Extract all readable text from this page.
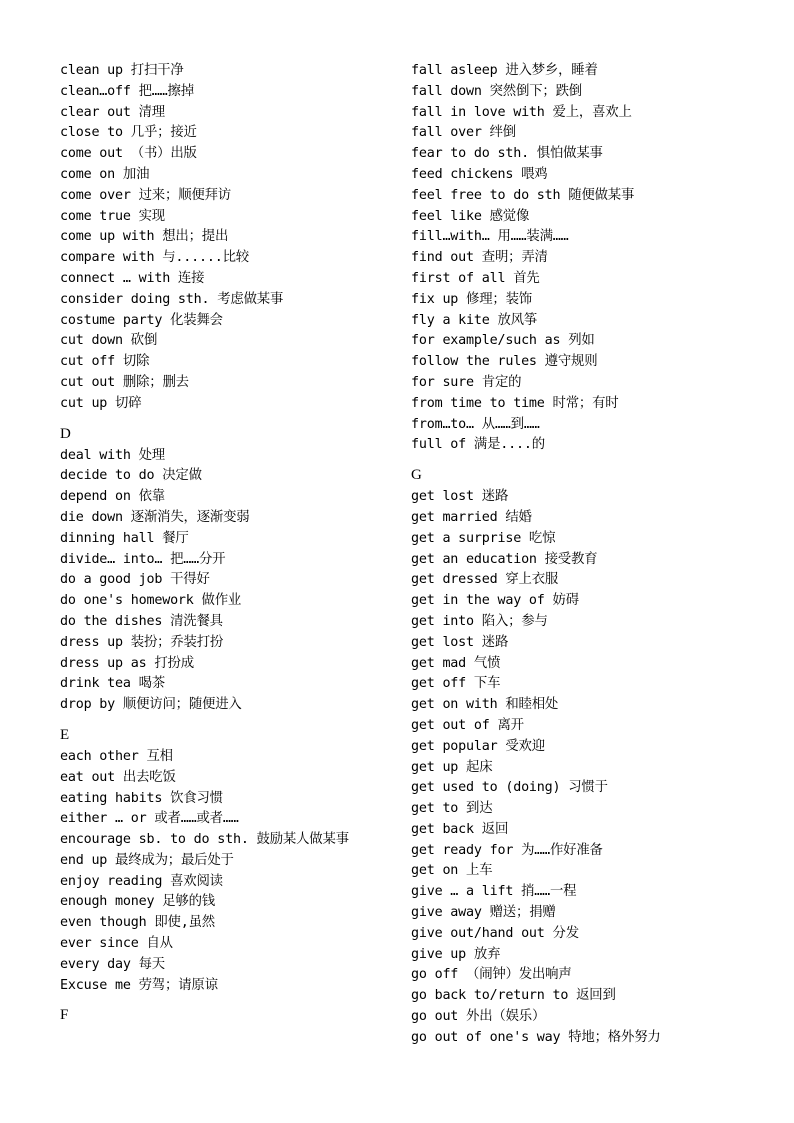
clean up 打扫干净
clean…off 把……擦掉
clear out 清理
close to 几乎；接近
come out （书）出版
come on 加油
come over 过来；顺便拜访
come true 实现
come up with 想出；提出
compare with 与......比较
connect … with 连接
consider doing sth. 考虑做某事
costume party 化装舞会
cut down 砍倒
cut off 切除
cut out 删除；删去
cut up 切碎
D
deal with 处理
decide to do 决定做
depend on 依靠
die down 逐渐消失，逐渐变弱
dinning hall 餐厅
divide… into… 把……分开
do a good job 干得好
do one's homework 做作业
do the dishes 清洗餐具
dress up 装扮；乔装打扮
dress up as 打扮成
drink tea 喝茶
drop by 顺便访问；随便进入
E
each other 互相
eat out 出去吃饭
eating habits 饮食习惯
either … or 或者……或者……
encourage sb. to do sth. 鼓励某人做某事
end up 最终成为；最后处于
enjoy reading 喜欢阅读
enough money 足够的钱
even though 即使,虽然
ever since 自从
every day 每天
Excuse me 劳驾；请原谅
F
fall asleep 进入梦乡，睡着
fall down 突然倒下；跌倒
fall in love with 爱上，喜欢上
fall over 绊倒
fear to do sth. 惧怕做某事
feed chickens 喂鸡
feel free to do sth 随便做某事
feel like 感觉像
fill…with… 用……装满……
find out 查明；弄清
first of all 首先
fix up 修理；装饰
fly a kite 放风筝
for example/such as 列如
follow the rules 遵守规则
for sure 肯定的
from time to time 时常；有时
from…to… 从……到……
full of 满是....的
G
get lost 迷路
get married 结婚
get a surprise 吃惊
get an education 接受教育
get dressed 穿上衣服
get in the way of 妨碍
get into 陷入；参与
get lost 迷路
get mad 气愤
get off 下车
get on with 和睦相处
get out of 离开
get popular 受欢迎
get up 起床
get used to (doing) 习惯于
get to 到达
get back 返回
get ready for 为……作好准备
get on 上车
give … a lift 捎……一程
give away 赠送；捐赠
give out/hand out 分发
give up 放弃
go off （闹钟）发出响声
go back to/return to 返回到
go out 外出（娱乐）
go out of one's way 特地；格外努力
